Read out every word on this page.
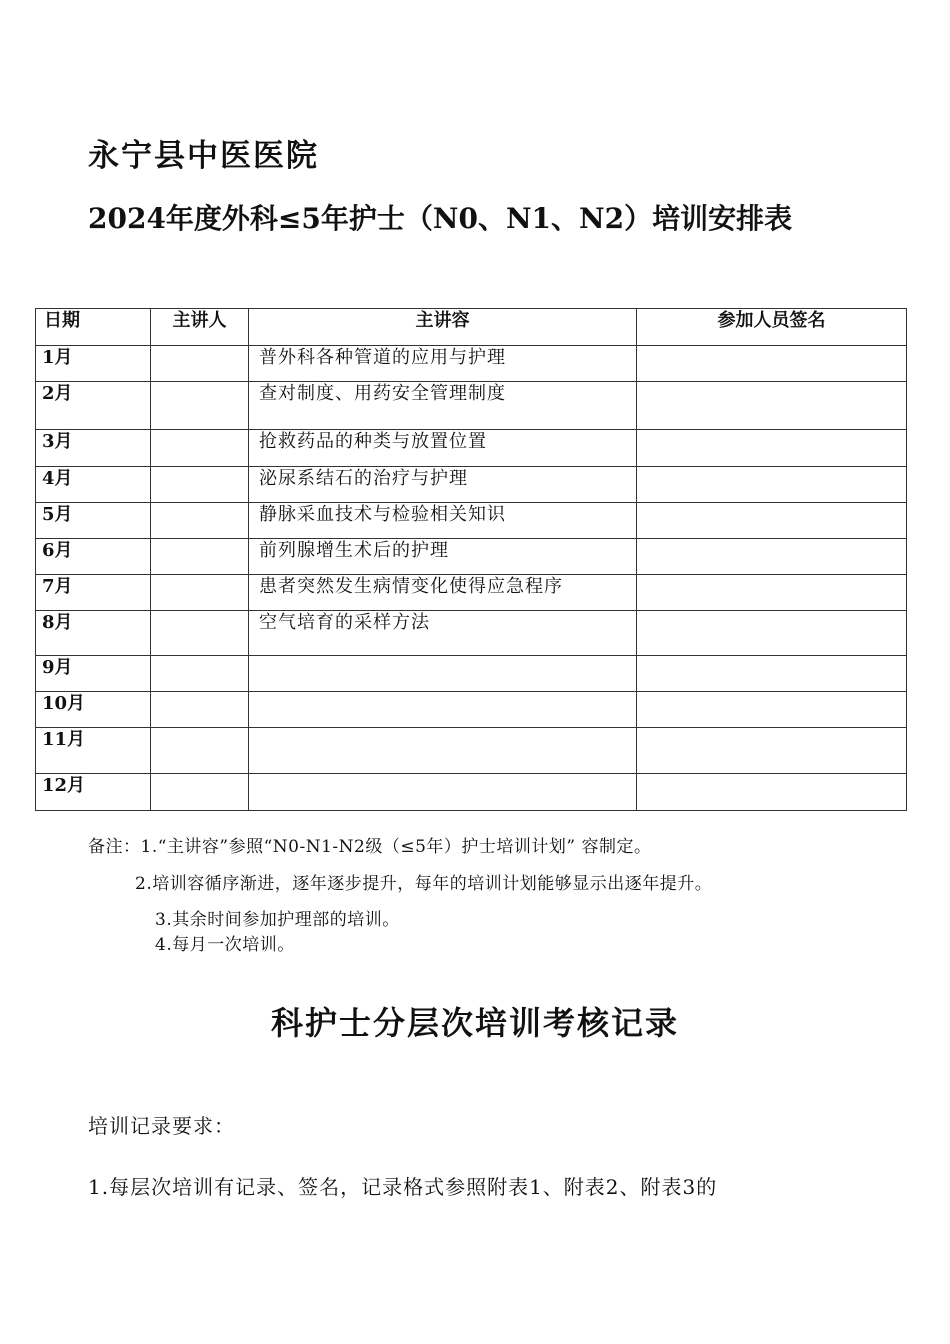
永宁县中医医院
2024年度外科≤5年护士（N0、N1、N2）培训安排表
日期	主讲人	主讲容	参加人员签名
1月		普外科各种管道的应用与护理	
2月		查对制度、用药安全管理制度	
3月		抢救药品的种类与放置位置	
4月		泌尿系结石的治疗与护理	
5月		静脉采血技术与检验相关知识	
6月		前列腺增生术后的护理	
7月		患者突然发生病情变化使得应急程序	
8月		空气培育的采样方法	
9月			
10月			
11月			
12月			
备注：1.“主讲容”参照“N0-N1-N2级（≤5年）护士培训计划” 容制定。
2.培训容循序渐进，逐年逐步提升，每年的培训计划能够显示出逐年提升。
3.其余时间参加护理部的培训。
4.每月一次培训。
科护士分层次培训考核记录
培训记录要求：
1.每层次培训有记录、签名，记录格式参照附表1、附表2、附表3的
